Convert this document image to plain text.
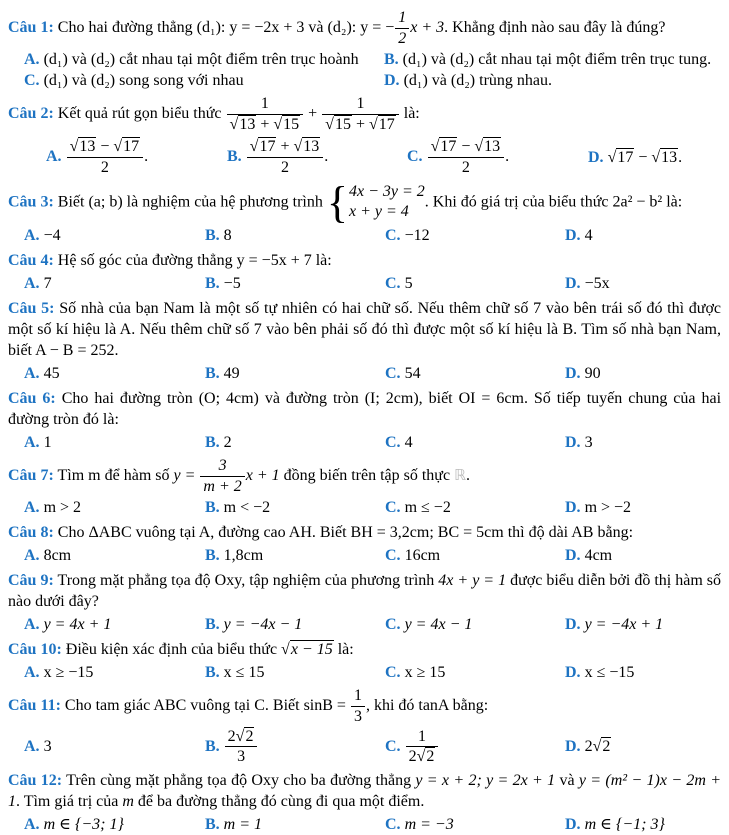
Câu 1: Cho hai đường thẳng (d₁): y = −2x + 3 và (d₂): y = − $\frac{1}{2}$ x + 3. Khẳng định nào sau đây là đúng?

A. (d₁) và (d₂) cắt nhau tại một điểm trên trục hoành	B. (d₁) và (d₂) cắt nhau tại một điểm trên trục tung.
C. (d₁) và (d₂) song song với nhau	D. (d₁) và (d₂) trùng nhau.

Câu 2: Kết quả rút gọn biểu thức $\frac{1}{√13 + √15} + \frac{1}{√15 + √17}$ là:

A. $\frac{√13 - √17}{2}$ .	B. $\frac{√17 + √13}{2}$ .	C. $\frac{√17 - √13}{2}$ .	D. √17 − √13.

Câu 3: Biết (a; b) là nghiệm của hệ phương trình { 4x − 3y = 2
x + y = 4
. Khi đó giá trị của biểu thức 2a² − b² là:

A. −4	B. 8	C. −12	D. 4

Câu 4: Hệ số góc của đường thẳng y = −5x + 7 là:

A. 7	B. −5	C. 5	D. −5x

Câu 5: Số nhà của bạn Nam là một số tự nhiên có hai chữ số. Nếu thêm chữ số 7 vào bên trái số đó thì được một số kí hiệu là A. Nếu thêm chữ số 7 vào bên phải số đó thì được một số kí hiệu là B. Tìm số nhà bạn Nam, biết A − B = 252.

A. 45	B. 49	C. 54	D. 90

Câu 6: Cho hai đường tròn (O; 4cm) và đường tròn (I; 2cm), biết OI = 6cm. Số tiếp tuyến chung của hai đường tròn đó là:

A. 1	B. 2	C. 4	D. 3

Câu 7: Tìm m để hàm số $y = \frac{3}{m + 2}$ x + 1 đồng biến trên tập số thực ℝ.

A. m > 2	B. m < −2	C. m ≤ −2	D. m > −2

Câu 8: Cho ΔABC vuông tại A, đường cao AH. Biết BH = 3,2cm; BC = 5cm thì độ dài AB bằng:

A. 8cm	B. 1,8cm	C. 16cm	D. 4cm

Câu 9: Trong mặt phẳng tọa độ Oxy, tập nghiệm của phương trình 4x + y = 1 được biểu diễn bởi đồ thị hàm số nào dưới đây?

A. y = 4x + 1	B. y = −4x − 1	C. y = 4x − 1	D. y = −4x + 1

Câu 10: Điều kiện xác định của biểu thức √x − 15 là:

A. x ≥ −15	B. x ≤ 15	C. x ≥ 15	D. x ≤ −15

Câu 11: Cho tam giác ABC vuông tại C. Biết $\sin B = \frac{1}{3}$ , khi đó tanA bằng:

A. 3	B. $\frac{2√2}{3}$	C. $\frac{1}{2√2}$	D. 2√2

Câu 12: Trên cùng mặt phẳng tọa độ Oxy cho ba đường thẳng y = x + 2; y = 2x + 1 và y = (m² − 1)x − 2m + 1. Tìm giá trị của m để ba đường thẳng đó cùng đi qua một điểm.

A. m ∈ {−3; 1}	B. m = 1	C. m = −3	D. m ∈ {−1; 3}
